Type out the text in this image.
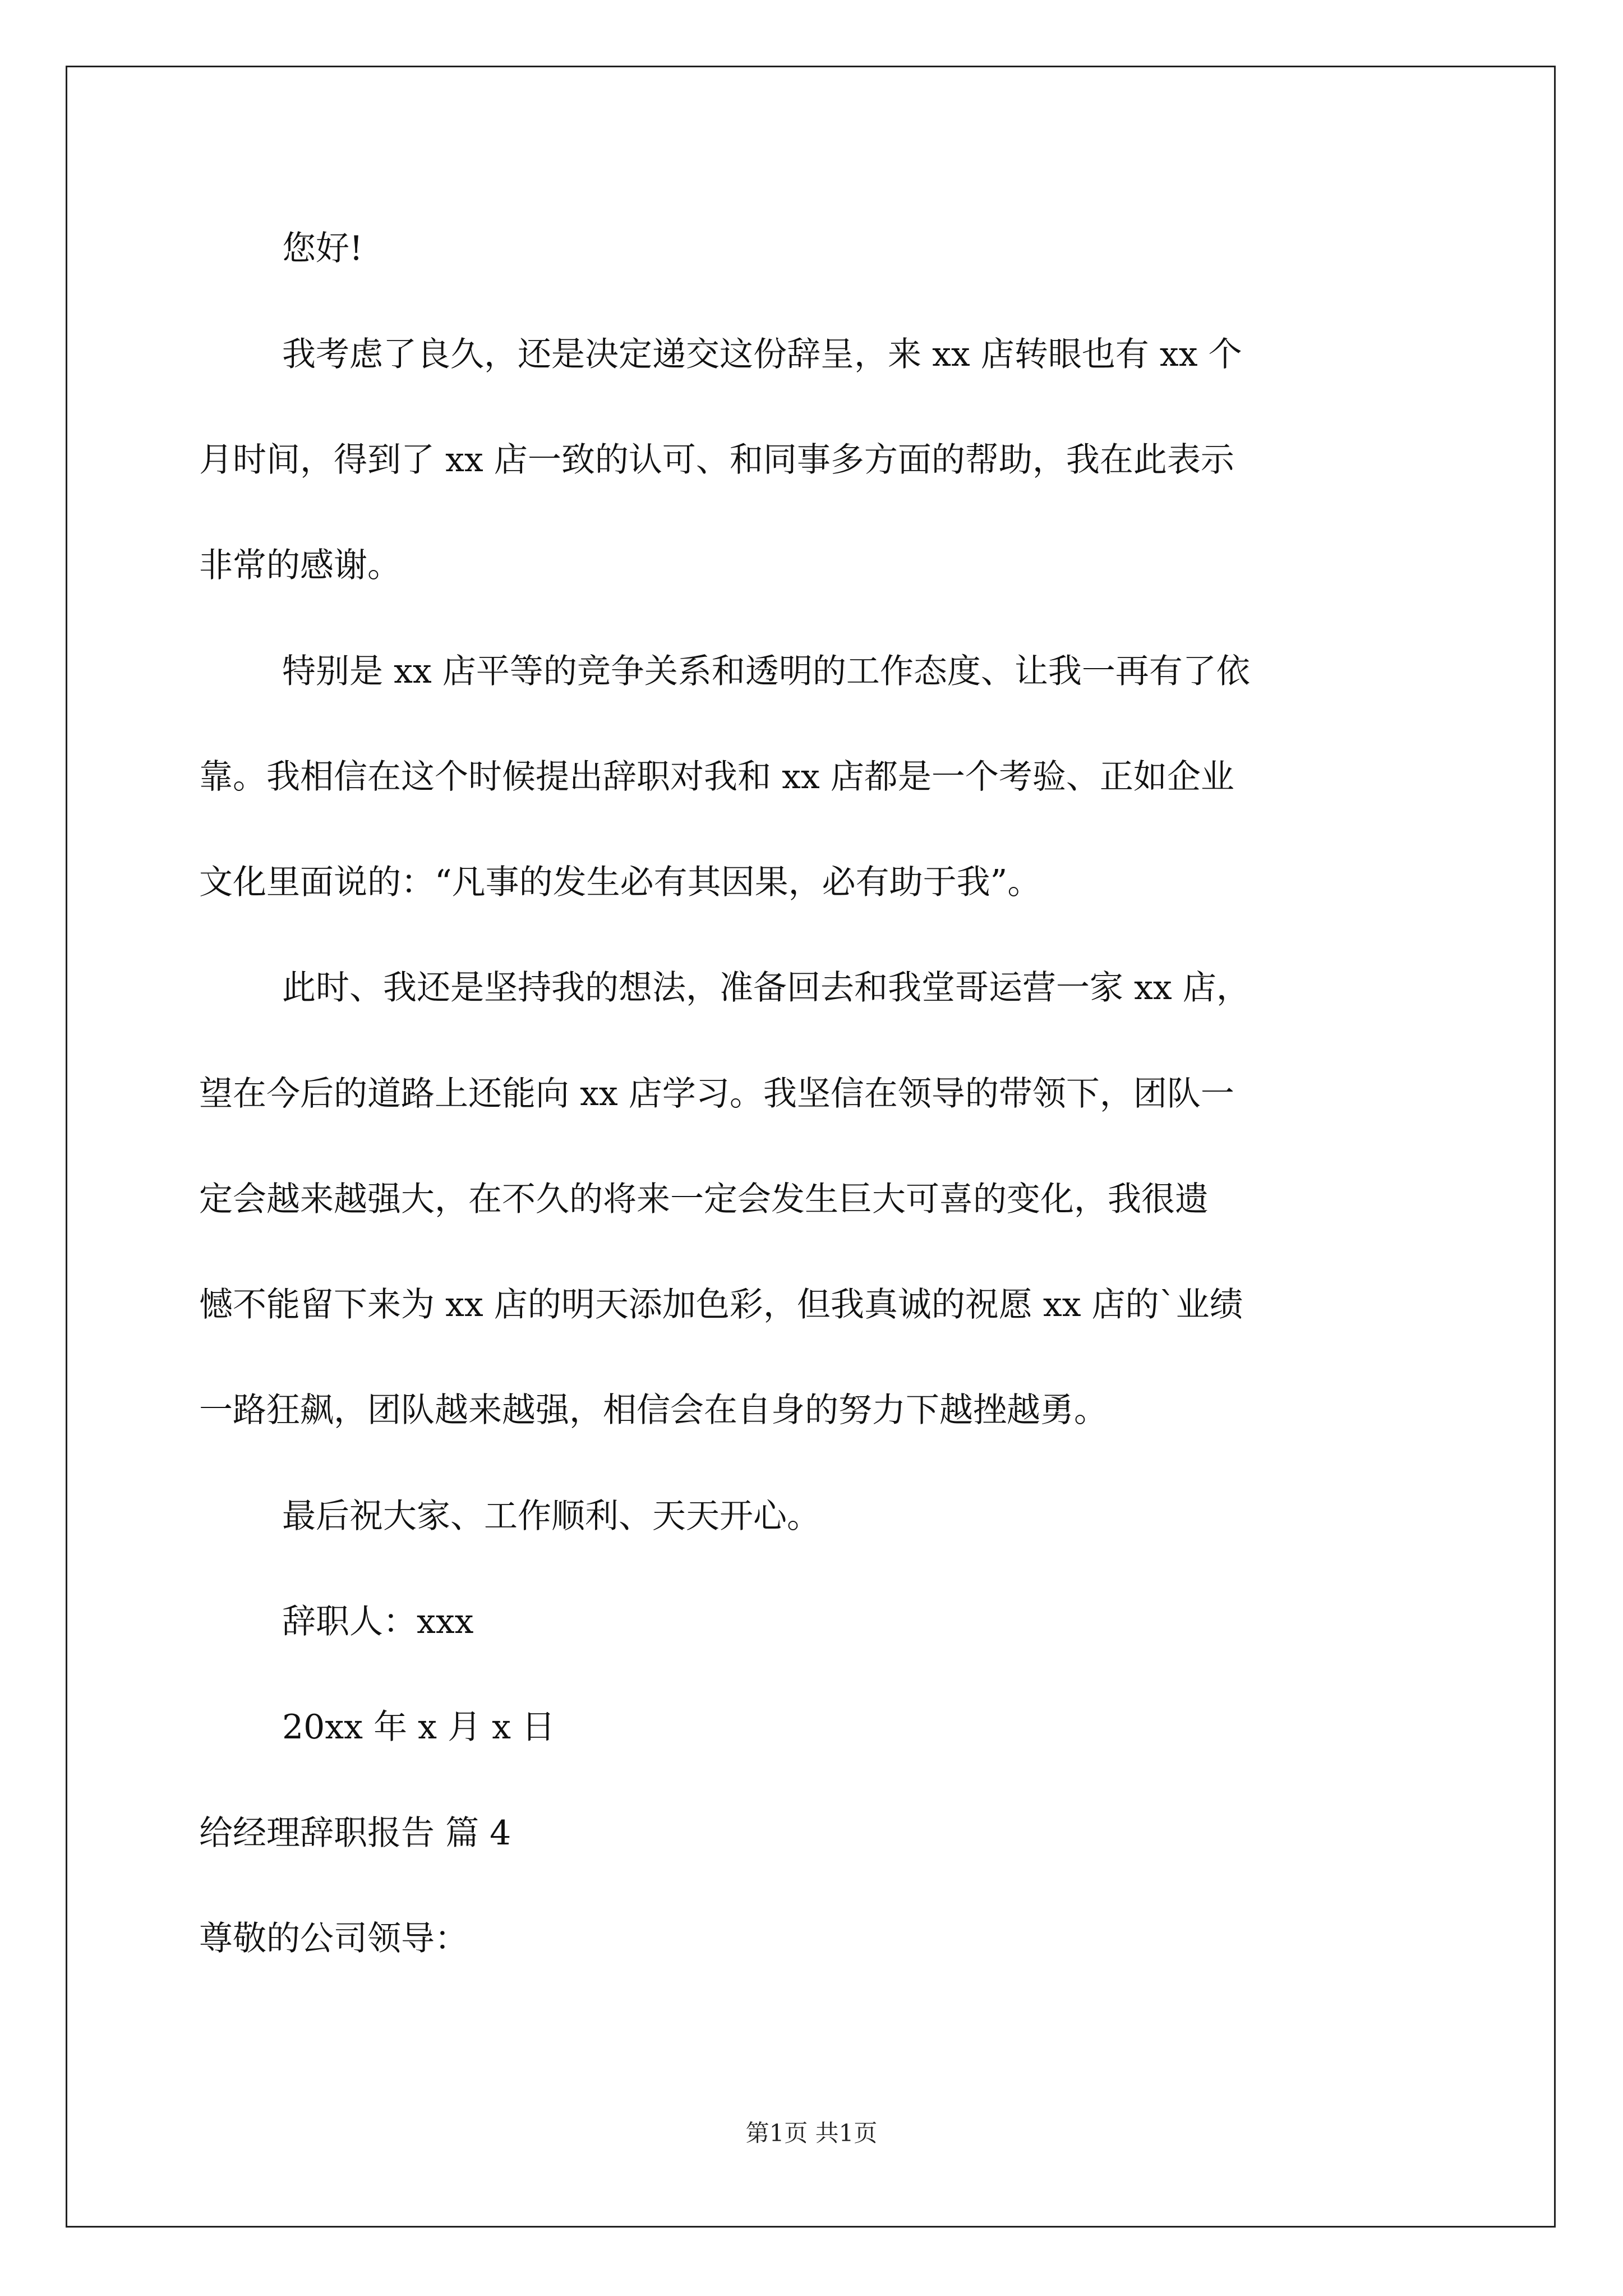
您好!
我考虑了良久，还是决定递交这份辞呈，来 xx 店转眼也有 xx 个
月时间，得到了 xx 店一致的认可、和同事多方面的帮助，我在此表示
非常的感谢。
特别是 xx 店平等的竞争关系和透明的工作态度、让我一再有了依
靠。我相信在这个时候提出辞职对我和 xx 店都是一个考验、正如企业
文化里面说的：“凡事的发生必有其因果，必有助于我”。
此时、我还是坚持我的想法，准备回去和我堂哥运营一家 xx 店，
望在今后的道路上还能向 xx 店学习。我坚信在领导的带领下，团队一
定会越来越强大，在不久的将来一定会发生巨大可喜的变化，我很遗
憾不能留下来为 xx 店的明天添加色彩，但我真诚的祝愿 xx 店的`业绩
一路狂飙，团队越来越强，相信会在自身的努力下越挫越勇。
最后祝大家、工作顺利、天天开心。
辞职人：xxx
20xx 年 x 月 x 日
给经理辞职报告 篇 4
尊敬的公司领导：
第1页 共1页
